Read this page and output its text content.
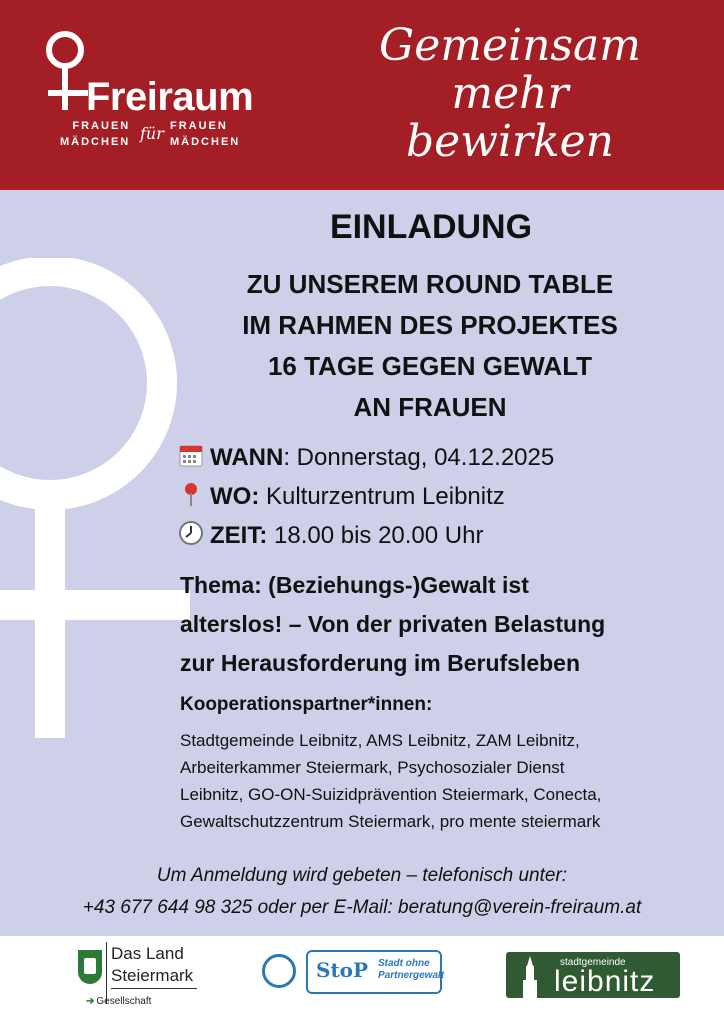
Freiraum
FRAUEN
MÄDCHEN für FRAUEN
MÄDCHEN
Gemeinsam
mehr
bewirken
EINLADUNG
ZU UNSEREM ROUND TABLE
IM RAHMEN DES PROJEKTES
16 TAGE GEGEN GEWALT
AN FRAUEN
WANN: Donnerstag, 04.12.2025
WO: Kulturzentrum Leibnitz
ZEIT: 18.00 bis 20.00 Uhr
Thema: (Beziehungs-)Gewalt ist
alterslos! – Von der privaten Belastung
zur Herausforderung im Berufsleben
Kooperationspartner*innen:
Stadtgemeinde Leibnitz, AMS Leibnitz, ZAM Leibnitz,
Arbeiterkammer Steiermark, Psychosozialer Dienst
Leibnitz, GO-ON-Suizidprävention Steiermark, Conecta,
Gewaltschutzzentrum Steiermark, pro mente steiermark
Um Anmeldung wird gebeten – telefonisch unter:
+43 677 644 98 325 oder per E-Mail: beratung@verein-freiraum.at
Das Land
Steiermark
➔ Gesellschaft
StoP Stadt ohne
Partnergewalt
stadtgemeinde
leibnitz
